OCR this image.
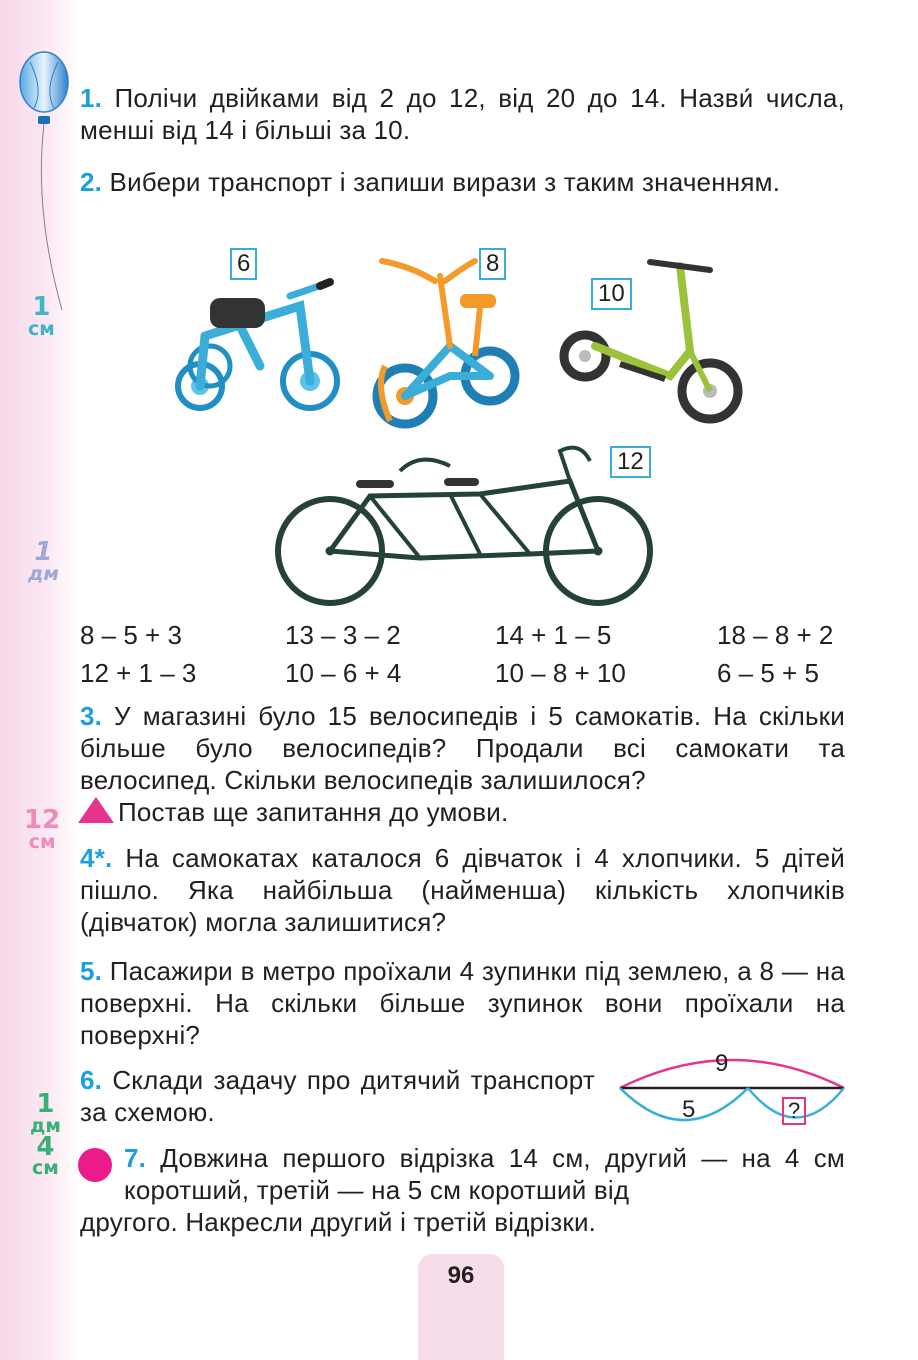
1
см
1
дм
12
см
1
дм
4
см
1. Полічи двійками від 2 до 12, від 20 до 14. Назви́ числа, менші від 14 і більші за 10.
2. Вибери транспорт і запиши вирази з таким значенням.
6	8
10
12
8 – 5 + 3	13 – 3 – 2	14 + 1 – 5	18 – 8 + 2
12 + 1 – 3	10 – 6 + 4	10 – 8 + 10	6 – 5 + 5
3. У магазині було 15 велосипедів і 5 самокатів. На скільки більше було велосипедів? Продали всі самокати та велосипед. Скільки велосипедів залишилося?
Постав ще запитання до умови.
4*. На самокатах каталося 6 дівчаток і 4 хлопчики. 5 дітей пішло. Яка найбільша (найменша) кількість хлопчиків (дівчаток) могла залишитися?
5. Пасажири в метро проїхали 4 зупинки під землею, а 8 — на поверхні. На скільки більше зупинок вони проїхали на поверхні?
6. Склади задачу про дитячий транспорт за схемою.
9
5	?
7. Довжина першого відрізка 14 см, другий — на 4 см коротший, третій — на 5 см коротший від
другого. Накресли другий і третій відрізки.
96
